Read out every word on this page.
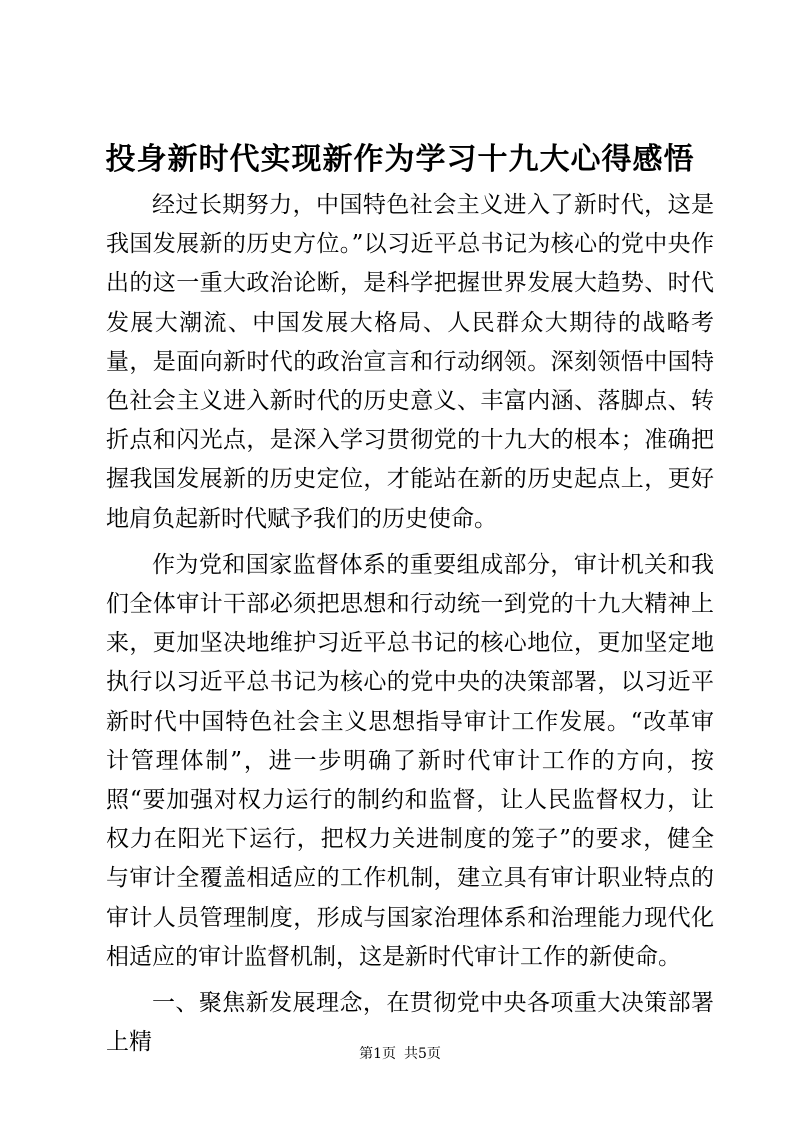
投身新时代实现新作为学习十九大心得感悟

经过长期努力，中国特色社会主义进入了新时代，这是我国发展新的历史方位。”以习近平总书记为核心的党中央作出的这一重大政治论断，是科学把握世界发展大趋势、时代发展大潮流、中国发展大格局、人民群众大期待的战略考量，是面向新时代的政治宣言和行动纲领。深刻领悟中国特色社会主义进入新时代的历史意义、丰富内涵、落脚点、转折点和闪光点，是深入学习贯彻党的十九大的根本；准确把握我国发展新的历史定位，才能站在新的历史起点上，更好地肩负起新时代赋予我们的历史使命。

作为党和国家监督体系的重要组成部分，审计机关和我们全体审计干部必须把思想和行动统一到党的十九大精神上来，更加坚决地维护习近平总书记的核心地位，更加坚定地执行以习近平总书记为核心的党中央的决策部署，以习近平新时代中国特色社会主义思想指导审计工作发展。“改革审计管理体制”，进一步明确了新时代审计工作的方向，按照“要加强对权力运行的制约和监督，让人民监督权力，让权力在阳光下运行，把权力关进制度的笼子”的要求，健全与审计全覆盖相适应的工作机制，建立具有审计职业特点的审计人员管理制度，形成与国家治理体系和治理能力现代化相适应的审计监督机制，这是新时代审计工作的新使命。

一、聚焦新发展理念，在贯彻党中央各项重大决策部署上精	第1页 共5页
